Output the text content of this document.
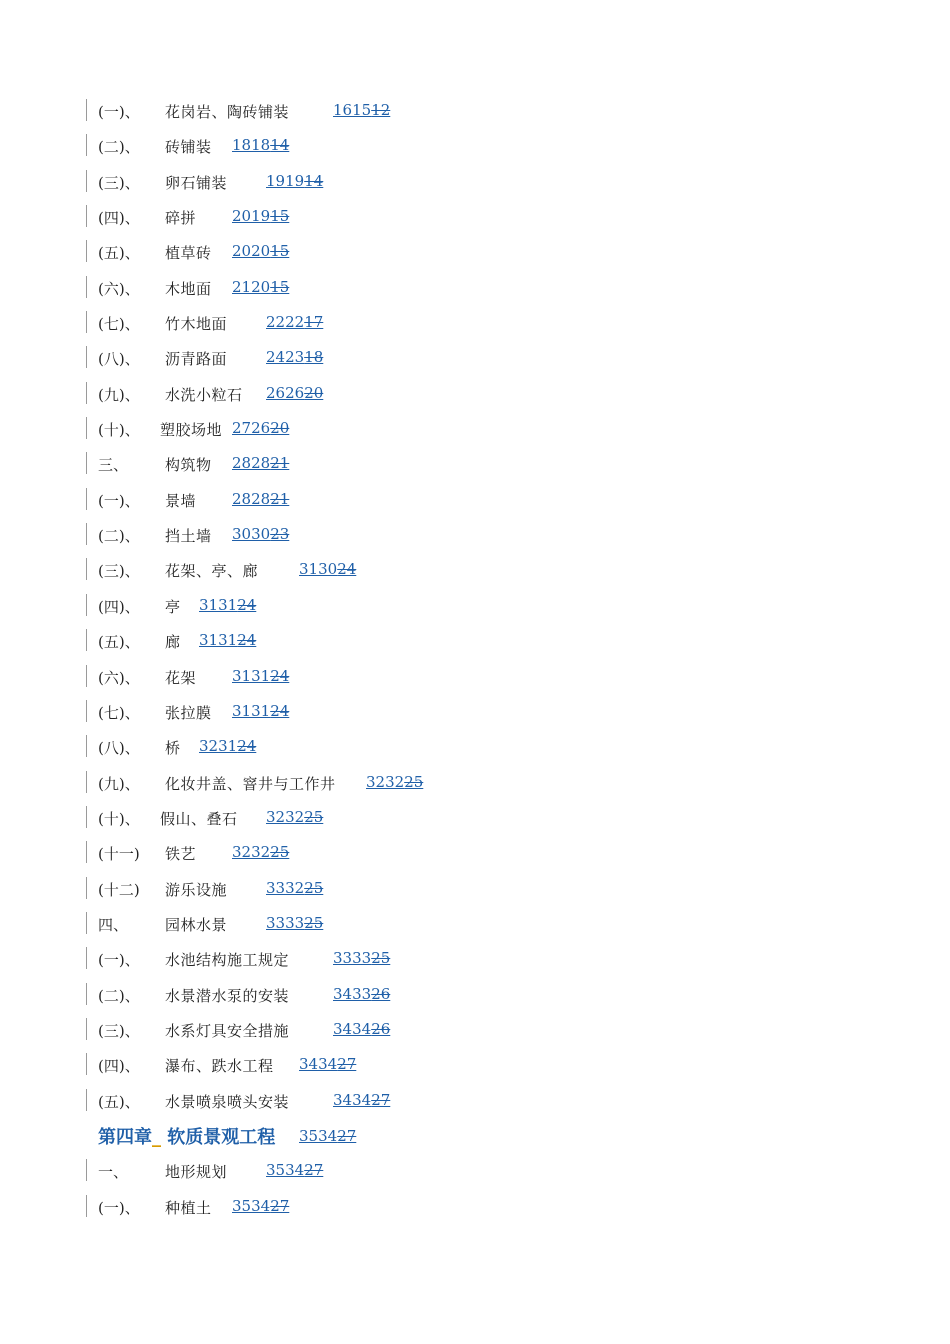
(一)、 花岗岩、陶砖铺装	161512
(二)、 砖铺装 181814
(三)、 卵石铺装	191914
(四)、 碎拼 201915
(五)、 植草砖 202015
(六)、 木地面 212015
(七)、 竹木地面	222217
(八)、 沥青路面	242318
(九)、 水洗小粒石 262620
(十)、 塑胶场地 272620
三、 构筑物 282821
(一)、 景墙 282821
(二)、 挡土墙 303023
(三)、 花架、亭、廊	313024
(四)、 亭 313124
(五)、 廊 313124
(六)、 花架 313124
(七)、 张拉膜 313124
(八)、 桥 323124
(九)、 化妆井盖、窨井与工作井 323225
(十)、 假山、叠石 323225
(十一) 铁艺 323225
(十二) 游乐设施	333225
四、 园林水景	333325
(一)、 水池结构施工规定	333325
(二)、 水景潜水泵的安装	343326
(三)、 水系灯具安全措施	343426
(四)、 瀑布、跌水工程 343427
(五)、 水景喷泉喷头安装	343427
第四章_ 软质景观工程 353427
一、 地形规划	353427
(一)、 种植土 353427
